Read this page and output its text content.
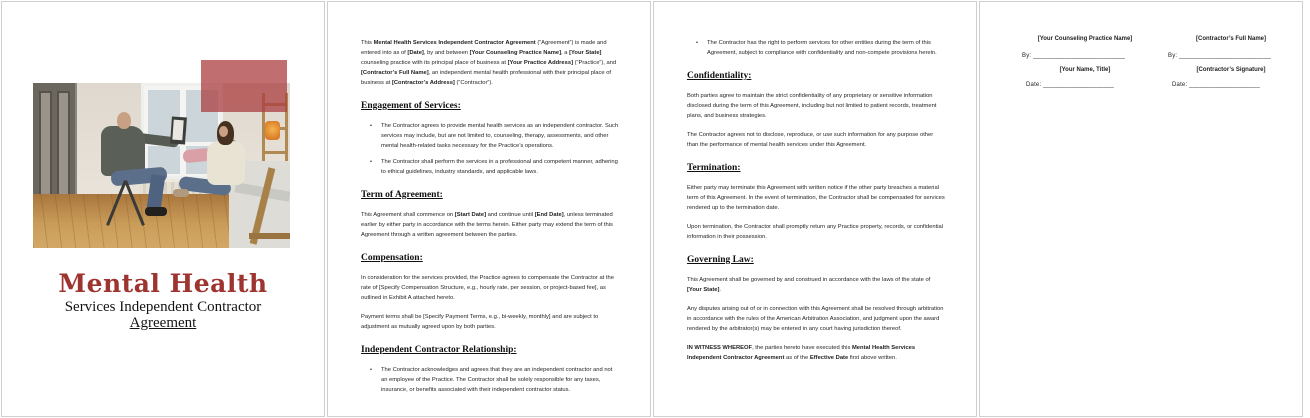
Mental Health
Services Independent Contractor
Agreement

This Mental Health Services Independent Contractor Agreement (“Agreement”) is made and entered into as of [Date], by and between [Your Counseling Practice Name], a [Your State] counseling practice with its principal place of business at [Your Practice Address] (“Practice”), and [Contractor’s Full Name], an independent mental health professional with their principal place of business at [Contractor’s Address] (“Contractor”).

Engagement of Services:
• The Contractor agrees to provide mental health services as an independent contractor. Such services may include, but are not limited to, counseling, therapy, assessments, and other mental health-related tasks necessary for the Practice’s operations.
• The Contractor shall perform the services in a professional and competent manner, adhering to ethical guidelines, industry standards, and applicable laws.
Term of Agreement:

This Agreement shall commence on [Start Date] and continue until [End Date], unless terminated earlier by either party in accordance with the terms herein. Either party may extend the term of this Agreement through a written agreement between the parties.

Compensation:

In consideration for the services provided, the Practice agrees to compensate the Contractor at the rate of [Specify Compensation Structure, e.g., hourly rate, per session, or project-based fee], as outlined in Exhibit A attached hereto.

Payment terms shall be [Specify Payment Terms, e.g., bi-weekly, monthly] and are subject to adjustment as mutually agreed upon by both parties.

Independent Contractor Relationship:
• The Contractor acknowledges and agrees that they are an independent contractor and not an employee of the Practice. The Contractor shall be solely responsible for any taxes, insurance, or benefits associated with their independent contractor status.
• The Contractor has the right to perform services for other entities during the term of this Agreement, subject to compliance with confidentiality and non-compete provisions herein.
Confidentiality:

Both parties agree to maintain the strict confidentiality of any proprietary or sensitive information disclosed during the term of this Agreement, including but not limited to patient records, treatment plans, and business strategies.

The Contractor agrees not to disclose, reproduce, or use such information for any purpose other than the performance of mental health services under this Agreement.

Termination:

Either party may terminate this Agreement with written notice if the other party breaches a material term of this Agreement. In the event of termination, the Contractor shall be compensated for services rendered up to the termination date.

Upon termination, the Contractor shall promptly return any Practice property, records, or confidential information in their possession.

Governing Law:

This Agreement shall be governed by and construed in accordance with the laws of the state of [Your State].

Any disputes arising out of or in connection with this Agreement shall be resolved through arbitration in accordance with the rules of the American Arbitration Association, and judgment upon the award rendered by the arbitrator(s) may be entered in any court having jurisdiction thereof.

IN WITNESS WHEREOF, the parties hereto have executed this Mental Health Services Independent Contractor Agreement as of the Effective Date first above written.

[Your Counseling Practice Name]
By: __________________________
[Your Name, Title]
Date: ____________________
[Contractor’s Full Name]
By: __________________________
[Contractor’s Signature]
Date: ____________________
